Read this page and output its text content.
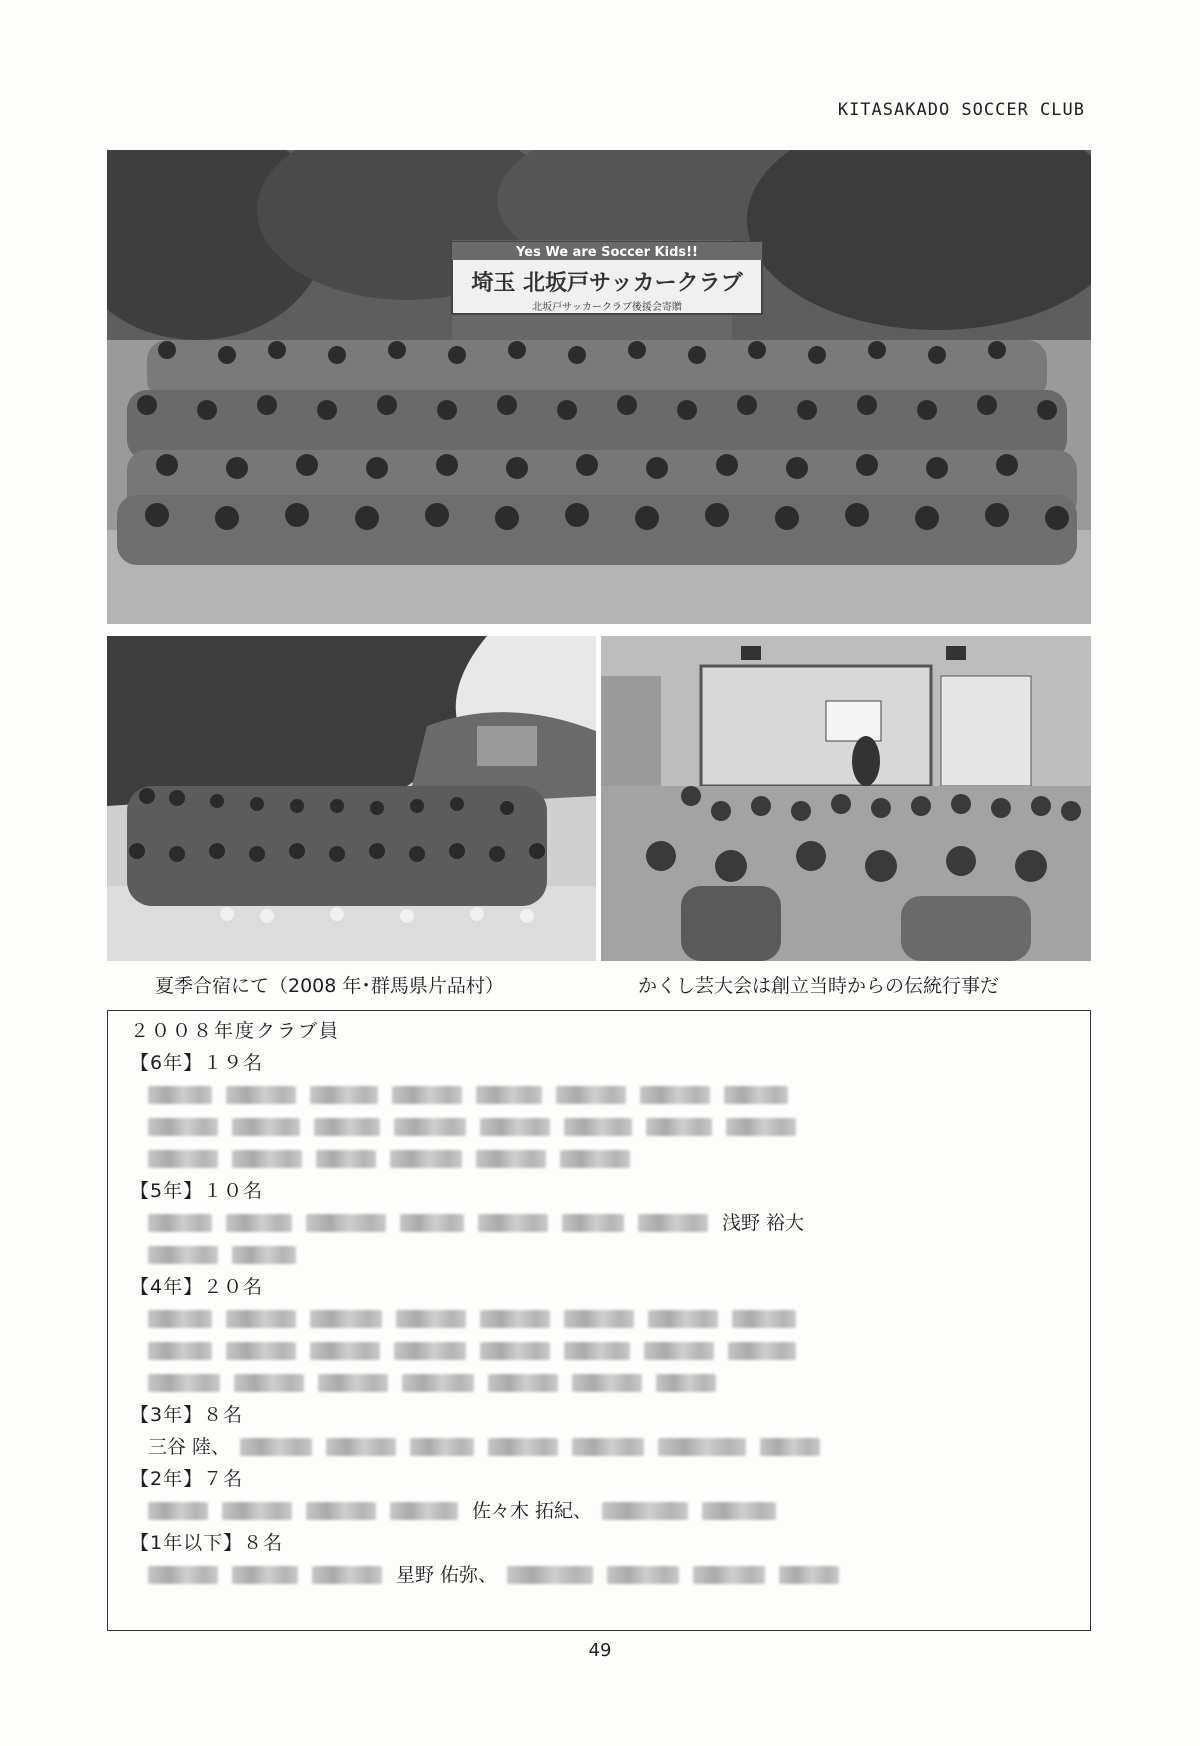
KITASAKADO SOCCER CLUB
Yes We are Soccer Kids!!
埼玉 北坂戸サッカークラブ
北坂戸サッカークラブ後援会寄贈
夏季合宿にて（2008 年･群馬県片品村）	かくし芸大会は創立当時からの伝統行事だ
２００８年度クラブ員
【6年】１９名
【5年】１０名
浅野 裕大
【4年】２０名
【3年】８名
三谷 陸、
【2年】７名
佐々木 拓紀、
【1年以下】８名
星野 佑弥、
49
